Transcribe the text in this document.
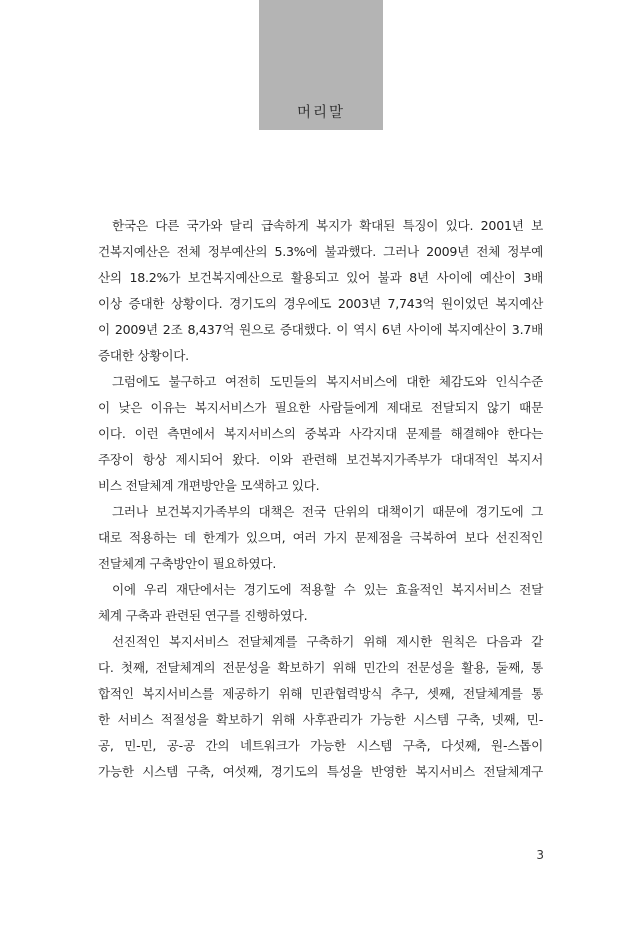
머리말
한국은 다른 국가와 달리 급속하게 복지가 확대된 특징이 있다. 2001년 보
건복지예산은 전체 정부예산의 5.3%에 불과했다. 그러나 2009년 전체 정부예
산의 18.2%가 보건복지예산으로 활용되고 있어 불과 8년 사이에 예산이 3배
이상 증대한 상황이다. 경기도의 경우에도 2003년 7,743억 원이었던 복지예산
이 2009년 2조 8,437억 원으로 증대했다. 이 역시 6년 사이에 복지예산이 3.7배
증대한 상황이다.
그럼에도 불구하고 여전히 도민들의 복지서비스에 대한 체감도와 인식수준
이 낮은 이유는 복지서비스가 필요한 사람들에게 제대로 전달되지 않기 때문
이다. 이런 측면에서 복지서비스의 중복과 사각지대 문제를 해결해야 한다는
주장이 항상 제시되어 왔다. 이와 관련해 보건복지가족부가 대대적인 복지서
비스 전달체계 개편방안을 모색하고 있다.
그러나 보건복지가족부의 대책은 전국 단위의 대책이기 때문에 경기도에 그
대로 적용하는 데 한계가 있으며, 여러 가지 문제점을 극복하여 보다 선진적인
전달체계 구축방안이 필요하였다.
이에 우리 재단에서는 경기도에 적용할 수 있는 효율적인 복지서비스 전달
체계 구축과 관련된 연구를 진행하였다.
선진적인 복지서비스 전달체계를 구축하기 위해 제시한 원칙은 다음과 같
다. 첫째, 전달체계의 전문성을 확보하기 위해 민간의 전문성을 활용, 둘째, 통
합적인 복지서비스를 제공하기 위해 민관협력방식 추구, 셋째, 전달체계를 통
한 서비스 적절성을 확보하기 위해 사후관리가 가능한 시스템 구축, 넷째, 민-
공, 민-민, 공-공 간의 네트워크가 가능한 시스템 구축, 다섯째, 원-스톱이
가능한 시스템 구축, 여섯째, 경기도의 특성을 반영한 복지서비스 전달체계구
3
